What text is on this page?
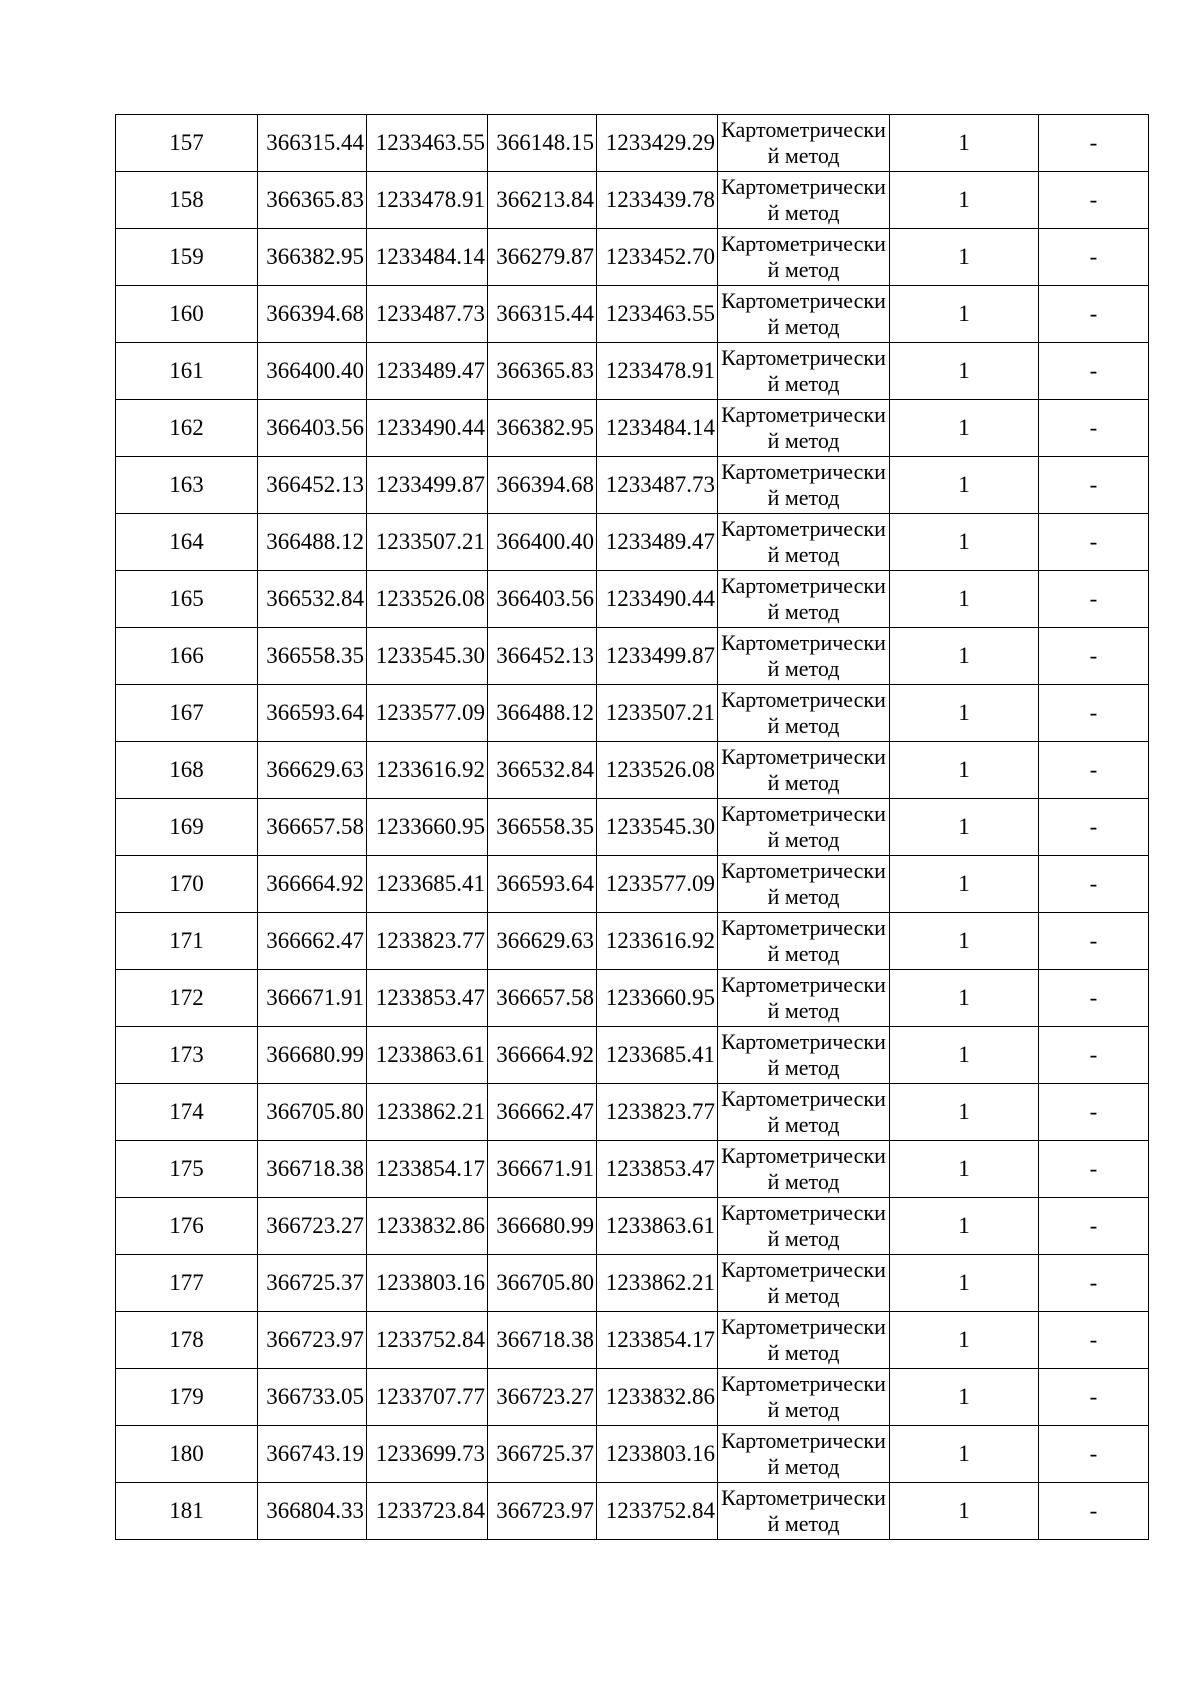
157	366315.44	1233463.55	366148.15	1233429.29	Картометрический метод	1	-
158	366365.83	1233478.91	366213.84	1233439.78	Картометрический метод	1	-
159	366382.95	1233484.14	366279.87	1233452.70	Картометрический метод	1	-
160	366394.68	1233487.73	366315.44	1233463.55	Картометрический метод	1	-
161	366400.40	1233489.47	366365.83	1233478.91	Картометрический метод	1	-
162	366403.56	1233490.44	366382.95	1233484.14	Картометрический метод	1	-
163	366452.13	1233499.87	366394.68	1233487.73	Картометрический метод	1	-
164	366488.12	1233507.21	366400.40	1233489.47	Картометрический метод	1	-
165	366532.84	1233526.08	366403.56	1233490.44	Картометрический метод	1	-
166	366558.35	1233545.30	366452.13	1233499.87	Картометрический метод	1	-
167	366593.64	1233577.09	366488.12	1233507.21	Картометрический метод	1	-
168	366629.63	1233616.92	366532.84	1233526.08	Картометрический метод	1	-
169	366657.58	1233660.95	366558.35	1233545.30	Картометрический метод	1	-
170	366664.92	1233685.41	366593.64	1233577.09	Картометрический метод	1	-
171	366662.47	1233823.77	366629.63	1233616.92	Картометрический метод	1	-
172	366671.91	1233853.47	366657.58	1233660.95	Картометрический метод	1	-
173	366680.99	1233863.61	366664.92	1233685.41	Картометрический метод	1	-
174	366705.80	1233862.21	366662.47	1233823.77	Картометрический метод	1	-
175	366718.38	1233854.17	366671.91	1233853.47	Картометрический метод	1	-
176	366723.27	1233832.86	366680.99	1233863.61	Картометрический метод	1	-
177	366725.37	1233803.16	366705.80	1233862.21	Картометрический метод	1	-
178	366723.97	1233752.84	366718.38	1233854.17	Картометрический метод	1	-
179	366733.05	1233707.77	366723.27	1233832.86	Картометрический метод	1	-
180	366743.19	1233699.73	366725.37	1233803.16	Картометрический метод	1	-
181	366804.33	1233723.84	366723.97	1233752.84	Картометрический метод	1	-
